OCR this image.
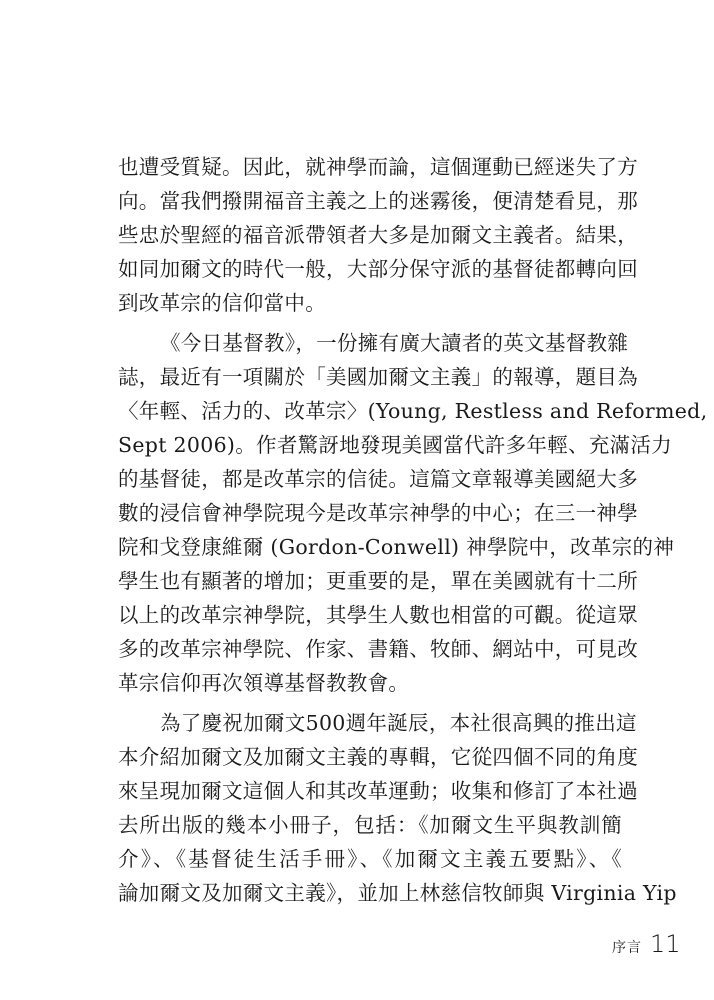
也遭受質疑。因此，就神學而論，這個運動已經迷失了方
向。當我們撥開福音主義之上的迷霧後，便清楚看見，那
些忠於聖經的福音派帶領者大多是加爾文主義者。結果，
如同加爾文的時代一般，大部分保守派的基督徒都轉向回
到改革宗的信仰當中。
《今日基督教》，一份擁有廣大讀者的英文基督教雜
誌，最近有一項關於「美國加爾文主義」的報導，題目為
〈年輕、活力的、改革宗〉(Young, Restless and Reformed,
Sept 2006)。作者驚訝地發現美國當代許多年輕、充滿活力
的基督徒，都是改革宗的信徒。這篇文章報導美國絕大多
數的浸信會神學院現今是改革宗神學的中心；在三一神學
院和戈登康維爾 (Gordon-Conwell) 神學院中，改革宗的神
學生也有顯著的增加；更重要的是，單在美國就有十二所
以上的改革宗神學院，其學生人數也相當的可觀。從這眾
多的改革宗神學院、作家、書籍、牧師、網站中，可見改
革宗信仰再次領導基督教教會。
為了慶祝加爾文500週年誕辰，本社很高興的推出這
本介紹加爾文及加爾文主義的專輯，它從四個不同的角度
來呈現加爾文這個人和其改革運動；收集和修訂了本社過
去所出版的幾本小冊子，包括：《加爾文生平與教訓簡
介》、《基督徒生活手冊》、《加爾文主義五要點》、《
論加爾文及加爾文主義》，並加上林慈信牧師與 Virginia Yip
序言 11
